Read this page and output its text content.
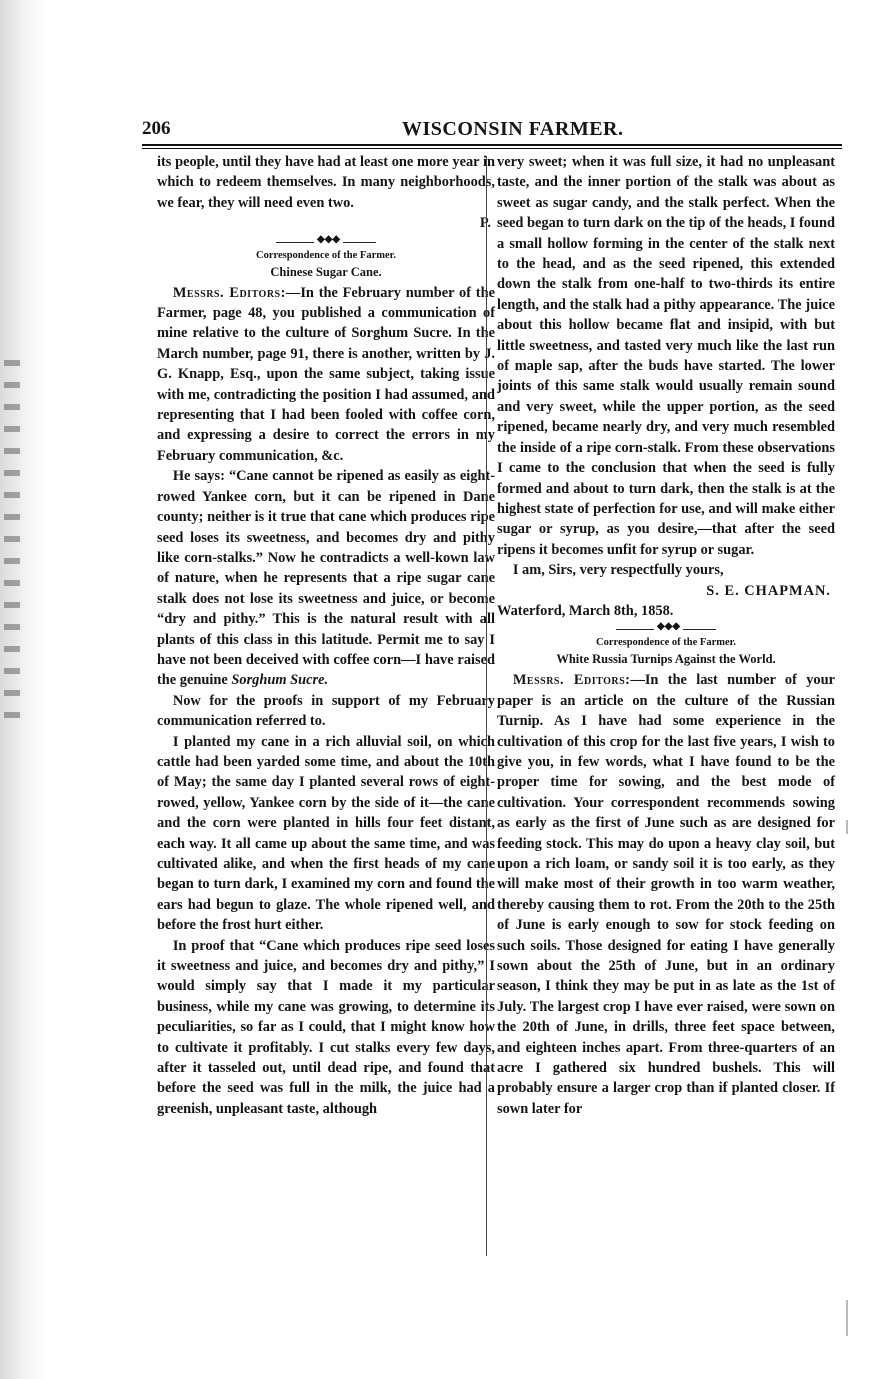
206	WISCONSIN FARMER.

its people, until they have had at least one more year in which to redeem themselves. In many neighborhoods, we fear, they will need even two.

P.
◆◆◆
Correspondence of the Farmer.
Chinese Sugar Cane.

Messrs. Editors:—In the February number of the Farmer, page 48, you published a communication of mine relative to the culture of Sorghum Sucre. In the March number, page 91, there is another, written by J. G. Knapp, Esq., upon the same subject, taking issue with me, contradicting the position I had assumed, and representing that I had been fooled with coffee corn, and expressing a desire to correct the errors in my February communication, &c.

He says: “Cane cannot be ripened as easily as eight-rowed Yankee corn, but it can be ripened in Dane county; neither is it true that cane which produces ripe seed loses its sweetness, and becomes dry and pithy like corn-stalks.” Now he contradicts a well-kown law of nature, when he represents that a ripe sugar cane stalk does not lose its sweetness and juice, or become “dry and pithy.” This is the natural result with all plants of this class in this latitude. Permit me to say I have not been deceived with coffee corn—I have raised the genuine Sorghum Sucre.

Now for the proofs in support of my February communication referred to.

I planted my cane in a rich alluvial soil, on which cattle had been yarded some time, and about the 10th of May; the same day I planted several rows of eight-rowed, yellow, Yankee corn by the side of it—the cane and the corn were planted in hills four feet distant, each way. It all came up about the same time, and was cultivated alike, and when the first heads of my cane began to turn dark, I examined my corn and found the ears had begun to glaze. The whole ripened well, and before the frost hurt either.

In proof that “Cane which produces ripe seed loses it sweetness and juice, and becomes dry and pithy,” I would simply say that I made it my particular business, while my cane was growing, to determine its peculiarities, so far as I could, that I might know how to cultivate it profitably. I cut stalks every few days, after it tasseled out, until dead ripe, and found that before the seed was full in the milk, the juice had a greenish, unpleasant taste, although

very sweet; when it was full size, it had no unpleasant taste, and the inner portion of the stalk was about as sweet as sugar candy, and the stalk perfect. When the seed began to turn dark on the tip of the heads, I found a small hollow forming in the center of the stalk next to the head, and as the seed ripened, this extended down the stalk from one-half to two-thirds its entire length, and the stalk had a pithy appearance. The juice about this hollow became flat and insipid, with but little sweetness, and tasted very much like the last run of maple sap, after the buds have started. The lower joints of this same stalk would usually remain sound and very sweet, while the upper portion, as the seed ripened, became nearly dry, and very much resembled the inside of a ripe corn-stalk. From these observations I came to the conclusion that when the seed is fully formed and about to turn dark, then the stalk is at the highest state of perfection for use, and will make either sugar or syrup, as you desire,—that after the seed ripens it becomes unfit for syrup or sugar.

I am, Sirs, very respectfully yours,
S. E. CHAPMAN.
Waterford, March 8th, 1858.
◆◆◆
Correspondence of the Farmer.
White Russia Turnips Against the World.

Messrs. Editors:—In the last number of your paper is an article on the culture of the Russian Turnip. As I have had some experience in the cultivation of this crop for the last five years, I wish to give you, in few words, what I have found to be the proper time for sowing, and the best mode of cultivation. Your correspondent recommends sowing as early as the first of June such as are designed for feeding stock. This may do upon a heavy clay soil, but upon a rich loam, or sandy soil it is too early, as they will make most of their growth in too warm weather, thereby causing them to rot. From the 20th to the 25th of June is early enough to sow for stock feeding on such soils. Those designed for eating I have generally sown about the 25th of June, but in an ordinary season, I think they may be put in as late as the 1st of July. The largest crop I have ever raised, were sown on the 20th of June, in drills, three feet space between, and eighteen inches apart. From three-quarters of an acre I gathered six hundred bushels. This will probably ensure a larger crop than if planted closer. If sown later for
